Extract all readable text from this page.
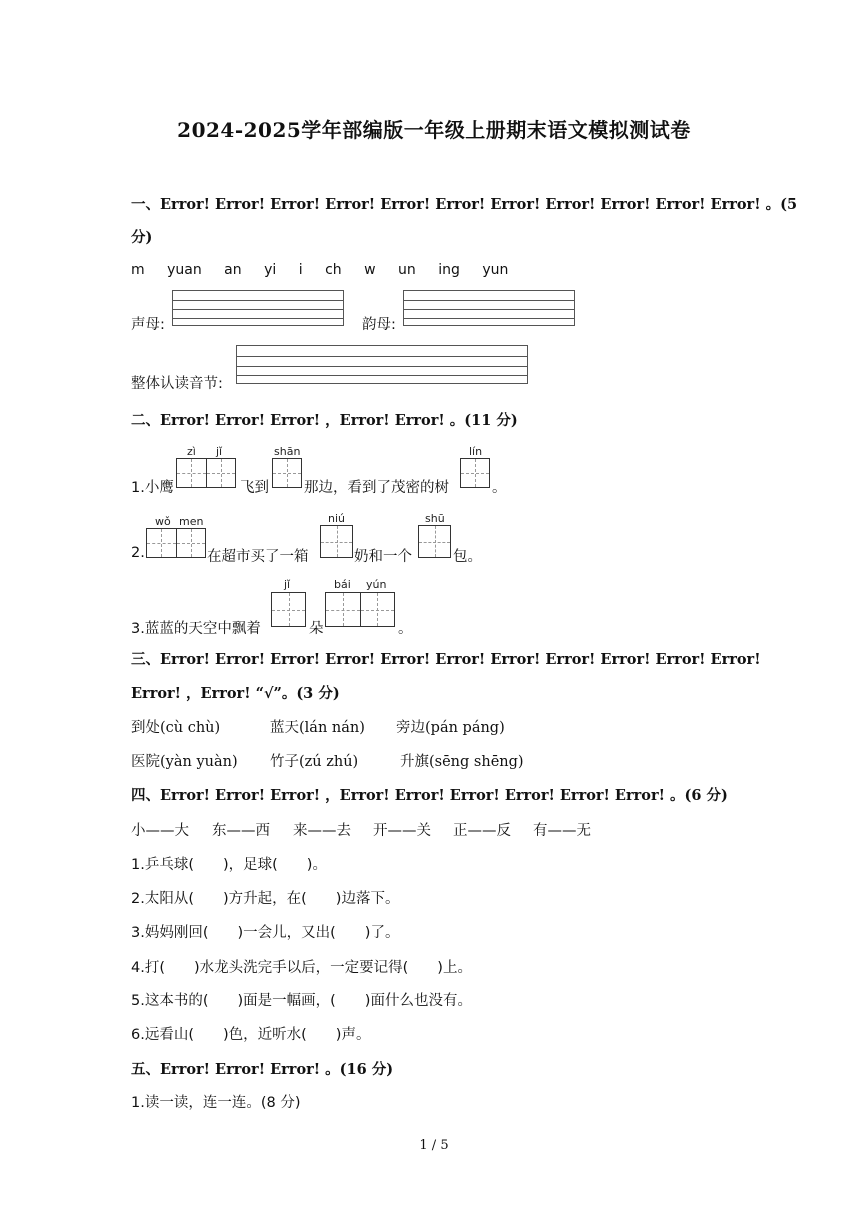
2024-2025学年部编版一年级上册期末语文模拟测试卷
一、Error! Error! Error! Error! Error! Error! Error! Error! Error! Error! Error! 。(5
分)
m yuan an yi i ch w un ing yun
声母:	韵母:
整体认读音节:
二、Error! Error! Error! ，Error! Error! 。(11 分)
1.小鹰
zì jǐ
飞到
shān
那边，看到了茂密的树
lín
。
2.
wǒ men
在超市买了一箱
niú
奶和一个
shū
包。
3.蓝蓝的天空中飘着
jǐ
朵
bái yún
。
三、Error! Error! Error! Error! Error! Error! Error! Error! Error! Error! Error!
Error! ，Error! “√”。(3 分)
到处(cù chù)	蓝天(lán nán) 旁边(pán páng)
医院(yàn yuàn) 竹子(zú zhú)	升旗(sēng shēng)
四、Error! Error! Error! ，Error! Error! Error! Error! Error! Error! 。(6 分)
小——大 东——西 来——去 开——关 正——反 有——无
1.乒乓球(　　)，足球(　　)。
2.太阳从(　　)方升起，在(　　)边落下。
3.妈妈刚回(　　)一会儿，又出(　　)了。
4.打(　　)水龙头洗完手以后，一定要记得(　　)上。
5.这本书的(　　)面是一幅画，(　　)面什么也没有。
6.远看山(　　)色，近听水(　　)声。
五、Error! Error! Error! 。(16 分)
1.读一读，连一连。(8 分)
1 / 5
